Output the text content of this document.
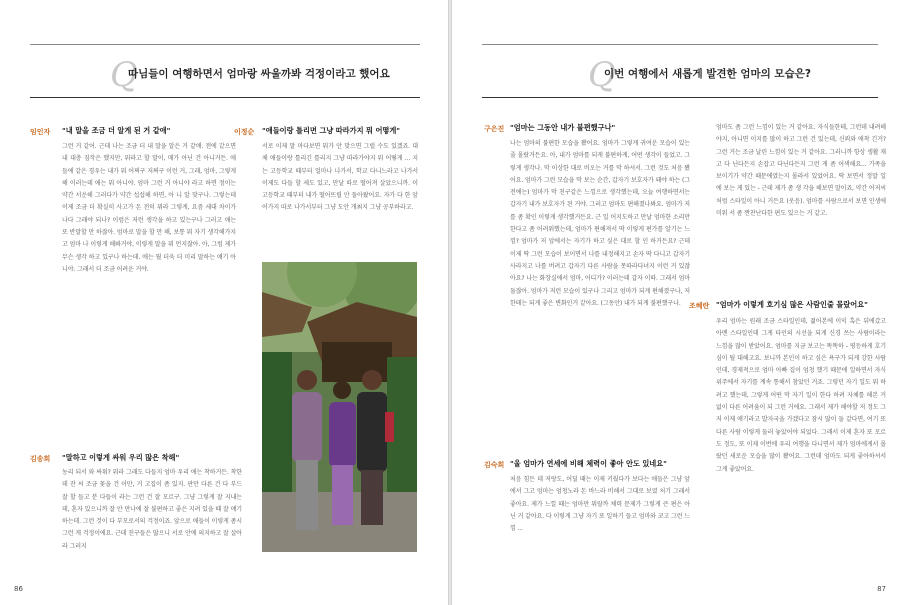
Q
따님들이 여행하면서 엄마랑 싸울까봐 걱정이라고 했어요
임인자 "내 말을 조금 더 알게 된 거 같애"
그런 거 같어. 근데 나는 조금 더 내 말을 알은 거 같애. 전에 같으면 내 대충 짐작은 했지만, 뭐라고 할 말이, 매가 아닌 건 아니거든. 애 들에 같은 경우는 내가 뭐 어쩌구 저쩌구 이런 거, 그래, 엄마, 그렇게 해 이러는데 애는 뭐 아니야. 엄마 그런 거 아니야 라고 하면 정이는 약간 서운해 그러다가 약간 섭섭해 하면, 아 니 알 맞구나. 그렇는데 이제 조금 더 확실히 사고가 돈 전히 뭐라 그렇게, 요즘 세대 차이가 나다 그래야 되나? 이럼은 저런 생각을 하고 있는구나 그러고 애는 또 반말할 만 하잖아. 엄마로 말을 할 만 해, 보통 뭐 자기 생각해가지고 엄마 나 이렇게 해봐거야, 이렇게 말을 뭐 먼지잖아. 아, 그럼 제가 무슨 생각 하고 있구나 하는데. 애는 뭘 더욱 더 미리 말하는 얘기 아니야. 그래서 더 조금 어려운 거야.
이정순 "애들이랑 틀리면 그냥 따라가지 뭐 어떻게"
서로 이제 말 마다보면 뭐가 안 맞으면 그럴 수도 있겠죠. 대체 애들이랑 틀리긴 틀리지 그냥 따라가야지 뭐 어떻게 ... 지는 고등학교 때부터 얼마나 나가서, 학교 다니느라고 나가서 이제도 다들 할 세도 있고, 만날 따로 떨어져 살았으니까. 이 고등학교 때부터 내가 떨어뜨릴 안 돌아왔어요. 자가 다 한 앞어가지 따로 나가서부터 그냥 도안 개최지 그냥 공부하라고.
김송희 "말하고 이렇게 싸워 우리 많은 착해"
농리 되서 와 싸워? 뭐라 그래도 다들지 엄마 우리 애는 착하거든. 착한데 잔 씨 조금 꽃을 건 이만, 거 고집이 좀 있지. 판만 다른 건 다 부드 잘 할 들고 분 다들이 라는 그런 건 잘 모르구. 그냥 그렇게 잘 지내는데, 혼자 있으니까 잘 안 만나에 잘 불편하고 좋은 지려 있을 때 잘 얘기 하는데. 그런 것이 다 부모로서의 걱정이죠. 앞으로 애들이 이렇게 좀시 그런 게 걱정이에요. 근데 친구들은 많으니 서로 안에 의지하고 잘 살아라 그러지
86
Q
이번 여행에서 새롭게 발견한 엄마의 모습은?
구은진 "엄마는 그동안 내가 불편했구나"
나는 엄마의 불편한 모습을 봤어요. 엄마가 그렇게 귀여운 모습이 있는 줄 몰랐거든요. 아, 내가 엄마를 되게 불편하게, 어떤 생각이 들었고. 그렇게 생각나. 막 이상한 대로 비오는 거를 막 하셔서. 그런 것도 처음 봤어요. 엄마가 그런 모습을 막 보는 순간, 갑자기 보호자가 돼야 하는 (그 전에는) 엄마가 막 친구같은 느낌으로 생각했는데, 오늘 여행하면서는 갑자기 내가 보호자가 된 거야. 그러고 엄마도 편해졌나봐요. 엄마가 저를 좀 확인 이렇게 생각했거든요. 근 일 어지도하고 만날 엄마한 소리만 한다고 좀 어려워했는데, 엄마가 편해져서 딱 이렇게 편가를 알기는 느낌? 엄마가 저 앞에서는 자기가 하고 싶은 대로 할 인 하거든요? 근데 이제 딱 그런 모습이 보이면서 나를 내정해지고 손자 딱 다니고 갑자기 사라지고 나를 버려고 갑자기 다른 사람을 못따라다녀지 이런 거 있잖아요? 나는 화장실에서 엄마, 어디가? 이러는데 갑자 이따. 그래서 엄마 둘잖아. 엄마가 저런 모습이 있구나 그리고 엄마가 되게 편해졌구나, 저한테는 되게 좋은 변화인거 같아요. (그동안) 내가 되게 불편했구나.
엄마도 좀 그런 느낌이 있는 거 같아요. 자식들한테, 그런데 내려해야지, 아니면 이지를 많이 하고 그런 건 있는데, 신뢰와 애착 긴거? 그런 거는 조금 날린 느낌이 있는 거 같아요. 그러니까 항상 생활 재고 다 닌다든지 손잡고 다닌다든지 그런 게 좀 어색해요... 가족을 보이기가 약간 때문에였는지 몰라서 있었어요. 딱 보면서 정말 일에 보는 게 있는 - 근데 제가 좀 생 각을 해보면 말이죠, 약간 어저씨처럼 스타일이 아니 거든요 (웃음). 엄마를 사람으로서 보면 인생에 미워 서 좀 짠찬난다한 편도 있으는 거 같고.
조혜란 "엄마가 이렇게 호기심 많은 사람인줄 몰랐어요"
우리 엄마는 원래 조금 스타일인데, 젊어본에 이익 혹은 뒤에갔고 아멘 스타일인데 그게 타인의 시선을 되게 신경 쓰는 사람이라는 느낌을 많이 받았어요. 엄마를 지금 보고는 똑똑하 - 평등하게 호기심이 될 대해고요. 보니까 본인이 하고 싶은 욕구가 되게 강한 사람인데, 경제적으로 엄마 아빠 집이 엄청 했기 때문에 일하면서 자식 위주에서 자기를 계속 통해서 참았던 거죠. 그렇던 자기 일도 뭐 하려고 했는데, 그렇게 어떤 막 자기 일이 한다 하려 자체를 해본 거 없이 다른 어려움이 되 그런 거에요. 그래서 제가 해야할 저 정도 그저 이제 얘기라고 발자국을 가겠다고 잠시 많이 둘 같다면, 여기 또 다른 사람 이렇게 둘러 놓았어야 되었다. 그래서 이제 혼자 또 모르도 정도, 또 이제 이번에 우리 여행을 다니면서 제가 엄마에게서 몰랐던 새로운 모습을 많이 봤어요. 그런데 엄마도 되게 좋아하셔서 그게 좋았어요.
김숙희 "울 엄마가 연세에 비해 체력이 좋아 안도 있네요"
처음 힘든 데 저랑도, 어딜 때는 이제 키웠다가 보다는 애들은 그냥 앞에서 그고 엄마는 엄청노라 돈 바느라 비해서 그대로 보였 처기 그래서 좋아요. 제가 느낄 때는 엄마만 뭐랄까 체력 문제가 그렇게 큰 편은 아닌 거 같아요. 다 이렇게 그냥 자기 또 일하기 들고 엄마와 코고 그런 느낌 ...
87
